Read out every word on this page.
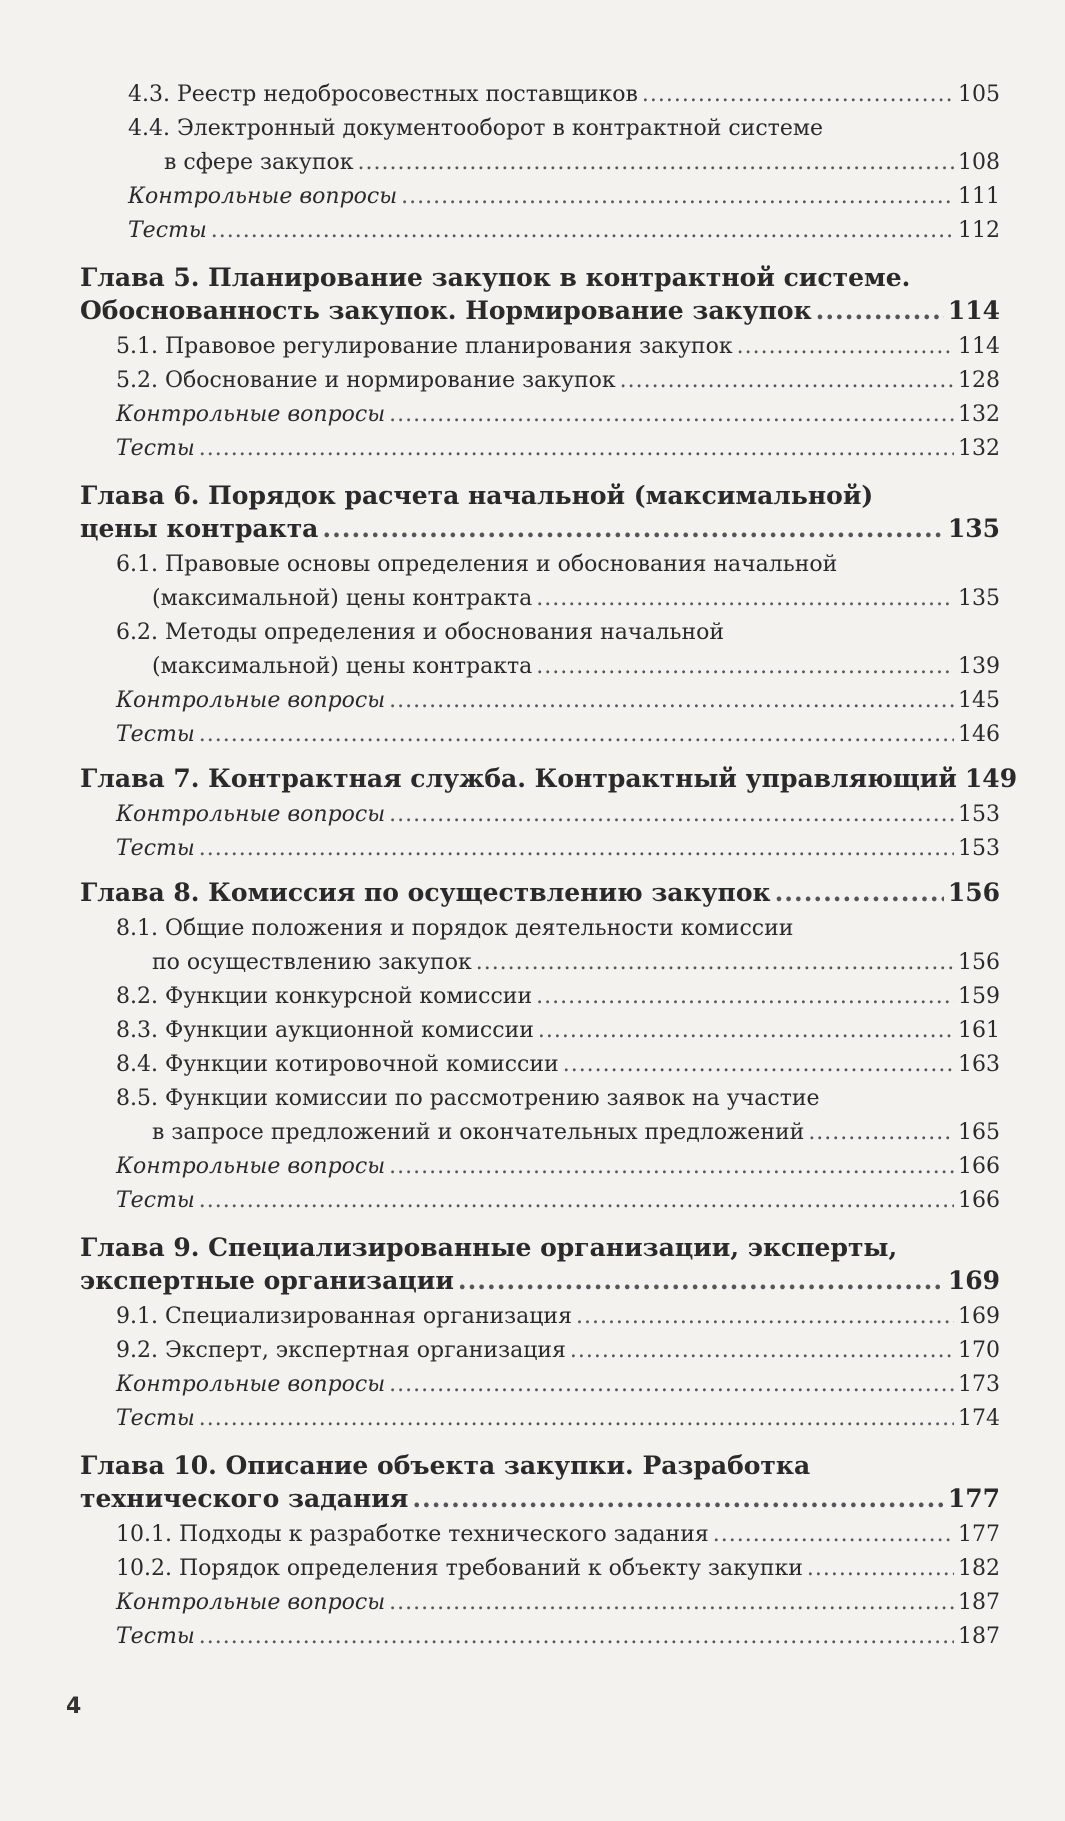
4.3. Реестр недобросовестных поставщиков .....	105
4.4. Электронный документооборот в контрактной системе
в сфере закупок .....	108
Контрольные вопросы .....	111
Тесты .....	112
Глава 5. Планирование закупок в контрактной системе.
Обоснованность закупок. Нормирование закупок .....	114
5.1. Правовое регулирование планирования закупок .....	114
5.2. Обоснование и нормирование закупок .....	128
Контрольные вопросы .....	132
Тесты .....	132
Глава 6. Порядок расчета начальной (максимальной)
цены контракта .....	135
6.1. Правовые основы определения и обоснования начальной
(максимальной) цены контракта .....	135
6.2. Методы определения и обоснования начальной
(максимальной) цены контракта .....	139
Контрольные вопросы .....	145
Тесты .....	146
Глава 7. Контрактная служба. Контрактный управляющий 149
Контрольные вопросы .....	153
Тесты .....	153
Глава 8. Комиссия по осуществлению закупок .....	156
8.1. Общие положения и порядок деятельности комиссии
по осуществлению закупок .....	156
8.2. Функции конкурсной комиссии .....	159
8.3. Функции аукционной комиссии .....	161
8.4. Функции котировочной комиссии .....	163
8.5. Функции комиссии по рассмотрению заявок на участие
в запросе предложений и окончательных предложений .....	165
Контрольные вопросы .....	166
Тесты .....	166
Глава 9. Специализированные организации, эксперты,
экспертные организации .....	169
9.1. Специализированная организация .....	169
9.2. Эксперт, экспертная организация .....	170
Контрольные вопросы .....	173
Тесты .....	174
Глава 10. Описание объекта закупки. Разработка
технического задания .....	177
10.1. Подходы к разработке технического задания .....	177
10.2. Порядок определения требований к объекту закупки .....	182
Контрольные вопросы .....	187
Тесты .....	187
4
